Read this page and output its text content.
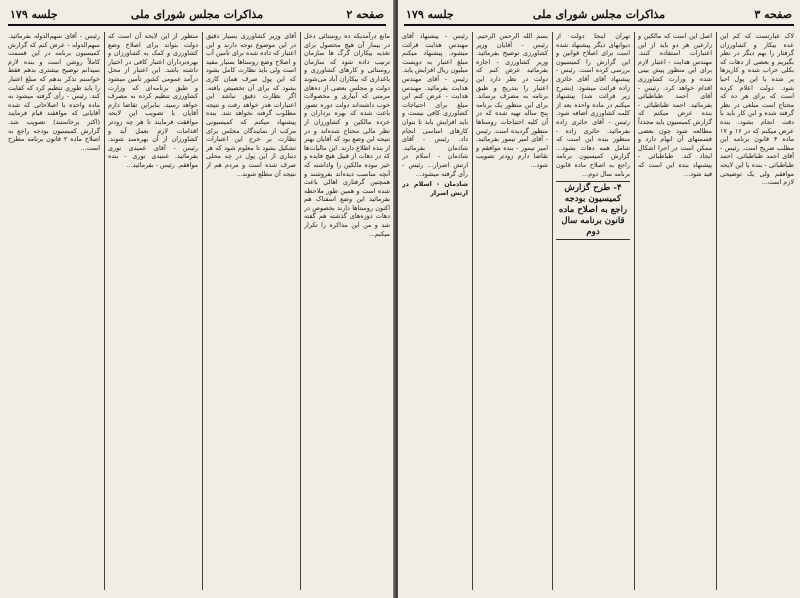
صفحه ۲
مذاکرات مجلس شورای ملی
جلسه ۱۷۹

مانع درآمدیکه ده روستائی دخل در بیمار آن هیچ محصول برای تغذیه بیکاران گرگ ها سازمان ترتیب داده شود که سازمان روستائی و کارهای کشاورزی و باغداری که بیکاران آباد می‌شوند دولت و مجلس بعضی از ده‌های مرمتی که آبیاری و محصولات خوب داشته‌اند دولت دوره تصور باعث شده که بهره برداران و خرده مالکین و کشاورزان از نظر مالی محتاج شده‌اند و در نتیجه این وضع بود که آقایان بهتر از بنده اطلاع دارند. این مالیات‌ها که در دهات از قبیل هیچ فایده و خیر نبوده مالکین را واداشته که آنچه مناسب دیده‌اند بفروشند و همچنین گرفتاری اهالی باعث شده است و همین طور ملاحظه بفرمائید این وضع اسفناک هم اکنون روستاها دارند بخصوص در دهات دوره‌های گذشته هم گفته شد و من این مذاکره را تکرار میکنم...

آقای وزیر کشاورزی بسیار دقیق در این موضوع توجه دارند و این اعتبار که داده شده برای تأمین آب و اصلاح وضع روستاها بسیار مفید است ولی باید نظارت کامل بشود که این پول صرف همان کاری بشود که برای آن تخصیص یافته. اگر نظارت دقیق نباشد این اعتبارات هدر خواهد رفت و نتیجه مطلوب گرفته نخواهد شد. بنده پیشنهاد میکنم که کمیسیونی مرکب از نمایندگان مجلس برای نظارت بر خرج این اعتبارات تشکیل بشود تا معلوم شود که هر دیناری از این پول در چه محلی صرف شده است و مردم هم از نتیجه آن مطلع شوند...

منظور از این لایحه آن است که دولت بتواند برای اصلاح وضع کشاورزی و کمک به کشاورزان و بهره‌برداران اعتبار کافی در اختیار داشته باشد. این اعتبار از محل درآمد عمومی کشور تأمین میشود و طبق برنامه‌ای که وزارت کشاورزی تنظیم کرده به مصرف خواهد رسید. بنابراین تقاضا دارم آقایان با تصویب این لایحه موافقت فرمایند تا هر چه زودتر اقدامات لازم بعمل آید و کشاورزان از آن بهره‌مند شوند. رئیس - آقای عمیدی نوری بفرمائید. عمیدی نوری - بنده موافقم. رئیس - بفرمائید...

رئیس - آقای سهم‌الدوله بفرمائید. سهم‌الدوله - عرض کنم که گزارش کمیسیون برنامه در این قسمت کاملاً روشن است و بنده لازم نمیدانم توضیح بیشتری بدهم فقط خواستم تذکر بدهم که مبلغ اعتبار را باید طوری تنظیم کرد که کفایت کند. رئیس - رأی گرفته میشود به ماده واحده با اصلاحاتی که شده آقایانی که موافقند قیام فرمایند (اکثر برخاستند) تصویب شد. گزارش کمیسیون بودجه راجع به اصلاح ماده ۲ قانون برنامه مطرح است...

صفحه ۳
مذاکرات مجلس شورای ملی
جلسه ۱۷۹

لاک عبارتست که کم این عده بیکار و کشاورزان گرفتار را بهم دیگر در نظر بگیریم و بعضی از دهات که بکلی خراب شده و کاریزها پر شده با این پول احیا شود. دولت اعلام کرده است که برای هر ده که محتاج است مبلغی در نظر گرفته شده و این کار باید با دقت انجام بشود. بنده عرض میکنم که در ۱۶ و ۱۷ ماده ۴ قانون برنامه این مطلب صریح است. رئیس - آقای احمد طباطبائی. احمد طباطبائی - بنده با این لایحه موافقم ولی یک توضیحی لازم است...

اصل این است که مالکین و زارعین هر دو باید از این اعتبارات استفاده کنند. مهندس هدایت - اعتبار لازم برای این منظور پیش بینی شده و وزارت کشاورزی اقدام خواهد کرد. رئیس - آقای احمد طباطبائی بفرمائید. احمد طباطبائی - بنده عرض میکنم که گزارش کمیسیون باید مجدداً مطالعه شود چون بعضی قسمتهای آن ابهام دارد و ممکن است در اجرا اشکال ایجاد کند. طباطبائی - پیشنهاد بنده این است که قید شود...

تهران اینجا دولت از دیوانهای دیگر پیشنهاد شده است برای اصلاح قوانین و این گزارش را کمیسیون بررسی کرده است. رئیس - پیشنهاد آقای آقای حائری زاده قرائت میشود. (بشرح زیر قرائت شد) پیشنهاد میکنم در ماده واحده بعد از کلمه کشاورزی اضافه شود. رئیس - آقای حائری زاده بفرمائید. حائری زاده - منظور بنده این است که شامل همه دهات بشود... گزارش کمیسیون برنامه راجع به اصلاح ماده قانون برنامه سال دوم...

۴- طرح گزارش کمیسیون بودجه راجع به اصلاح ماده قانون برنامه سال دوم

بسم الله الرحمن الرحیم. رئیس - آقایان وزیر کشاورزی توضیح بفرمائید. وزیر کشاورزی - اجازه بفرمائید عرض کنم که دولت در نظر دارد این اعتبار را بتدریج و طبق برنامه به مصرف برساند. برای این منظور یک برنامه پنج ساله تهیه شده که در آن کلیه احتیاجات روستاها منظور گردیده است. رئیس - آقای امیر تیمور بفرمائید. امیر تیمور - بنده موافقم و تقاضا دارم زودتر تصویب شود...

رئیس - پیشنهاد آقای مهندس هدایت قرائت میشود. پیشنهاد میکنم مبلغ اعتبار به دویست میلیون ریال افزایش یابد. رئیس - آقای مهندس هدایت بفرمائید. مهندس هدایت - عرض کنم این مبلغ برای احتیاجات کشاورزی کافی نیست و باید افزایش یابد تا بتوان کارهای اساسی انجام داد. رئیس - آقای شادمان بفرمائید. شادمان - اسلام در ارتش اصرار... رئیس - رأی گرفته میشود...

شادمان - اسلام در ارتش اصرار
